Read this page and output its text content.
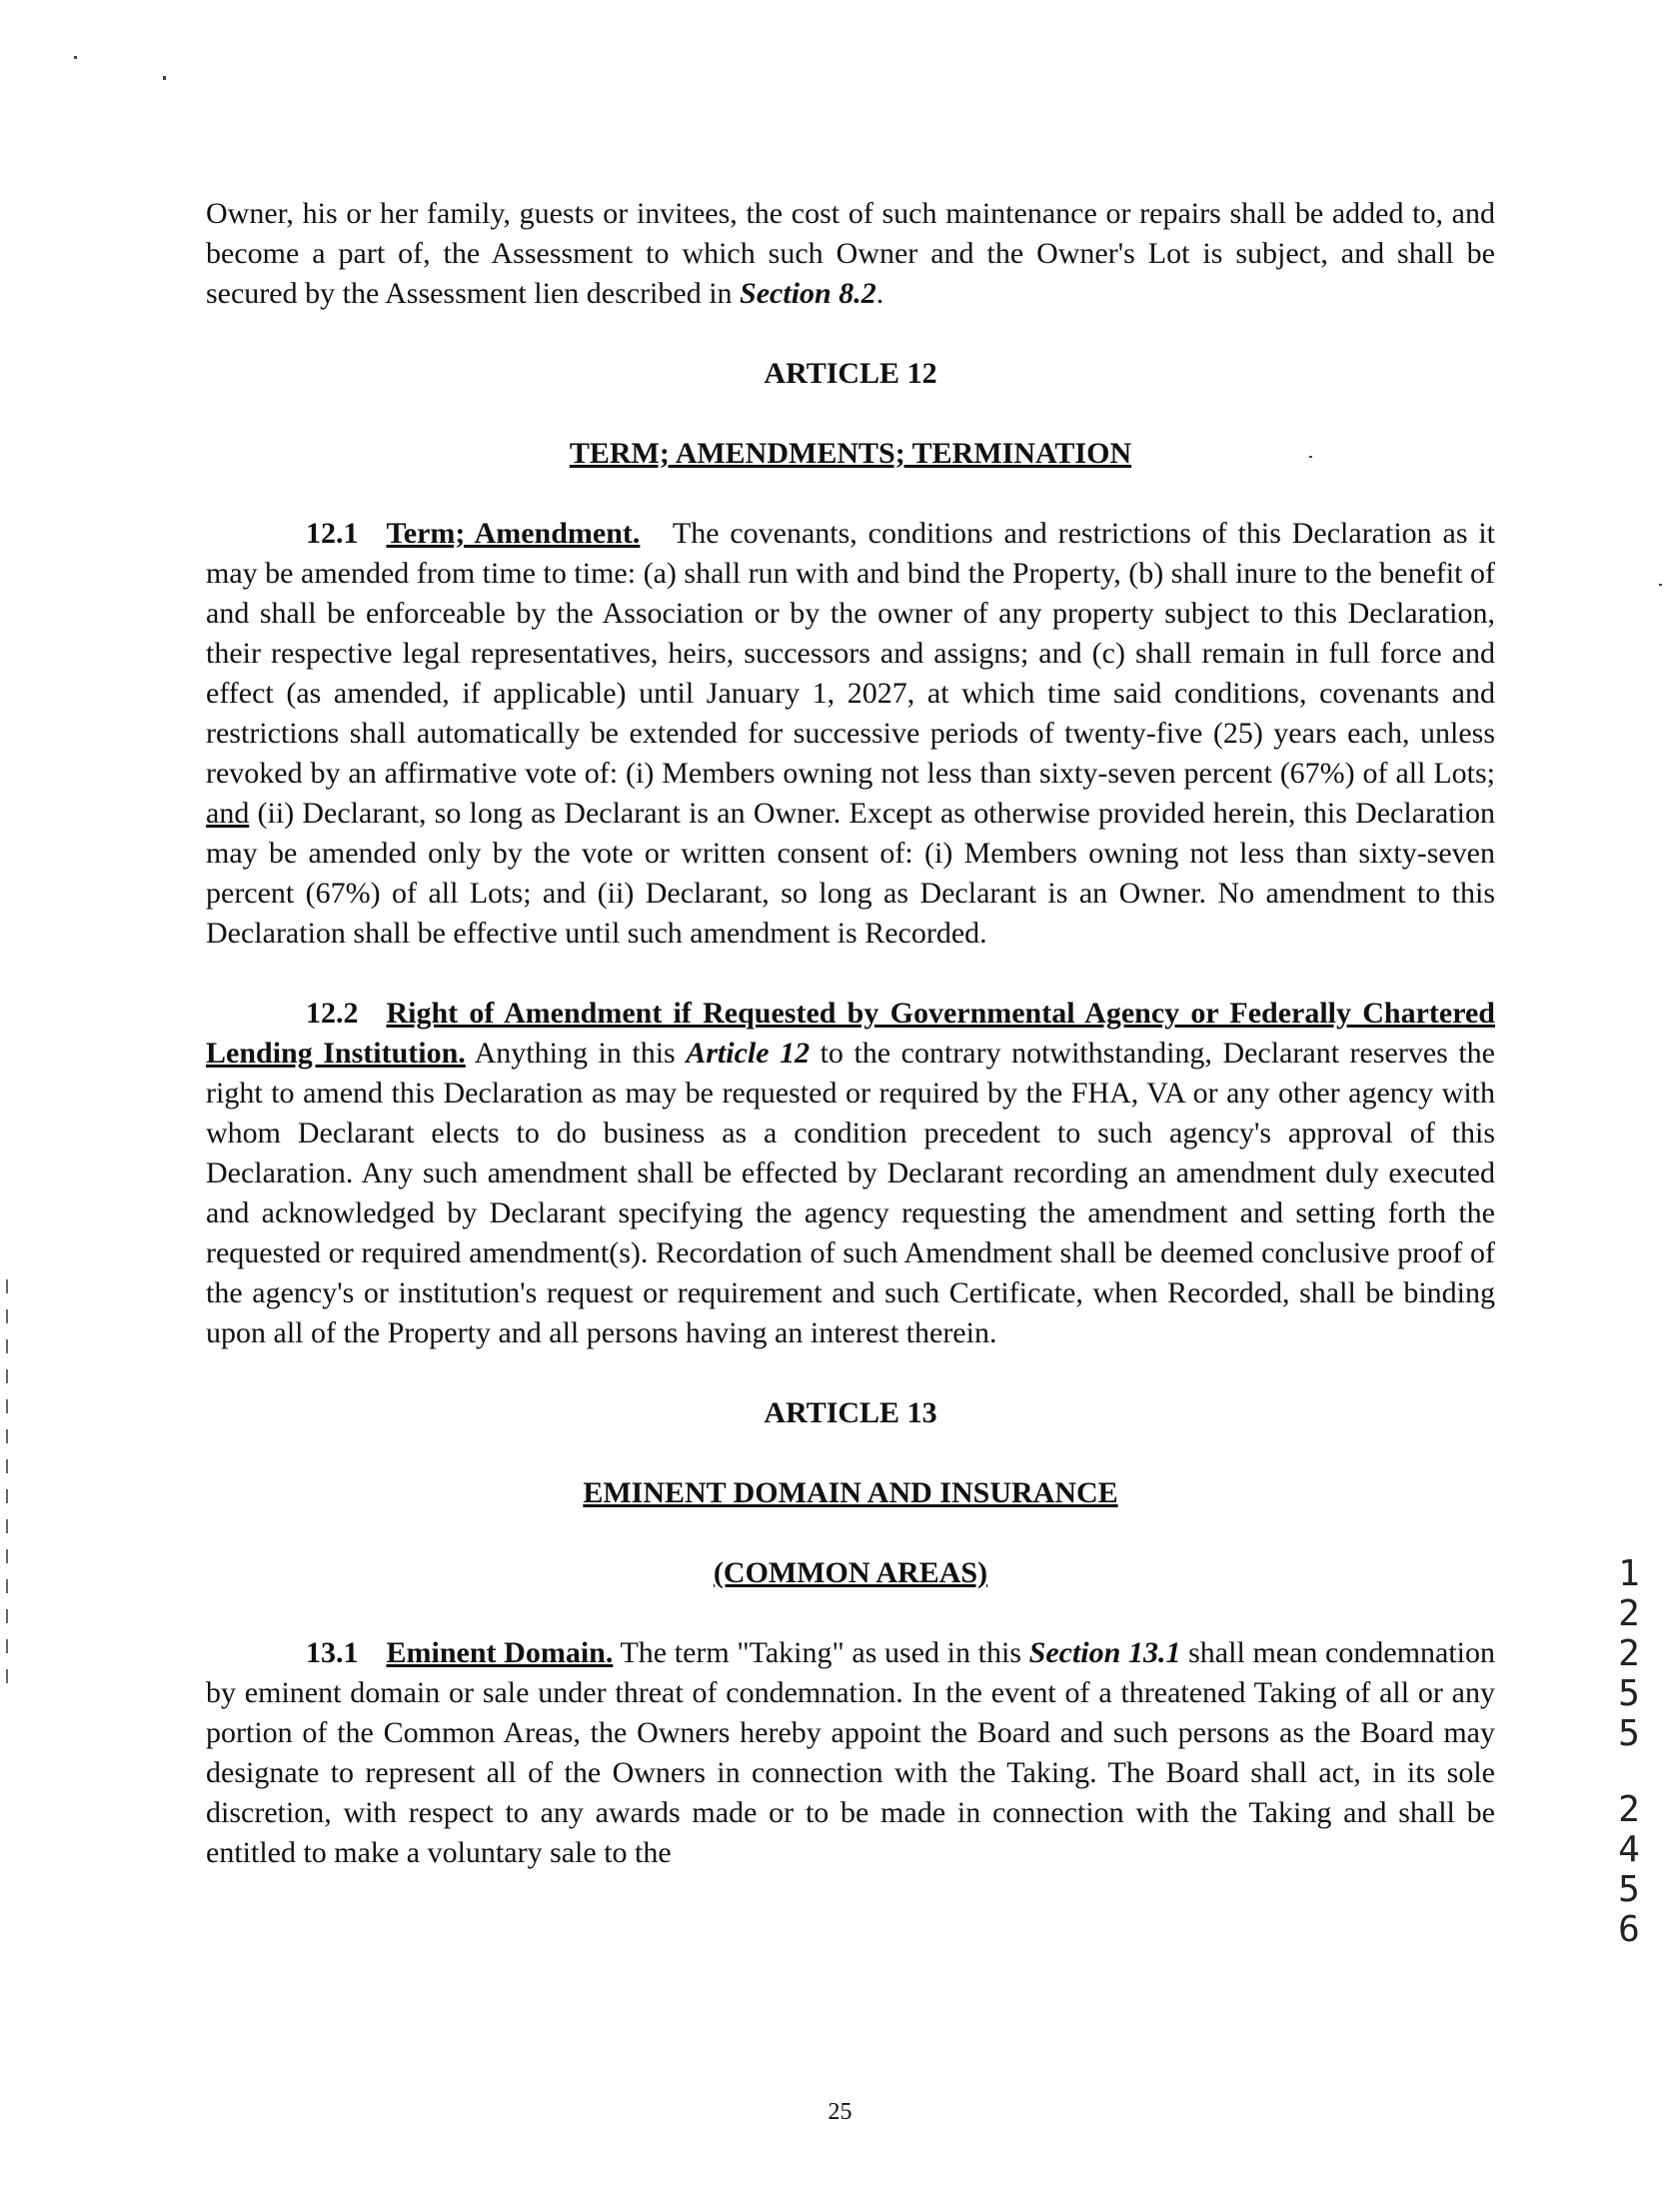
Owner, his or her family, guests or invitees, the cost of such maintenance or repairs shall be added to, and become a part of, the Assessment to which such Owner and the Owner's Lot is subject, and shall be secured by the Assessment lien described in Section 8.2.

ARTICLE 12

TERM; AMENDMENTS; TERMINATION

12.1 Term; Amendment. The covenants, conditions and restrictions of this Declaration as it may be amended from time to time: (a) shall run with and bind the Property, (b) shall inure to the benefit of and shall be enforceable by the Association or by the owner of any property subject to this Declaration, their respective legal representatives, heirs, successors and assigns; and (c) shall remain in full force and effect (as amended, if applicable) until January 1, 2027, at which time said conditions, covenants and restrictions shall automatically be extended for successive periods of twenty-five (25) years each, unless revoked by an affirmative vote of: (i) Members owning not less than sixty-seven percent (67%) of all Lots; and (ii) Declarant, so long as Declarant is an Owner. Except as otherwise provided herein, this Declaration may be amended only by the vote or written consent of: (i) Members owning not less than sixty-seven percent (67%) of all Lots; and (ii) Declarant, so long as Declarant is an Owner. No amendment to this Declaration shall be effective until such amendment is Recorded.

12.2 Right of Amendment if Requested by Governmental Agency or Federally Chartered Lending Institution. Anything in this Article 12 to the contrary notwithstanding, Declarant reserves the right to amend this Declaration as may be requested or required by the FHA, VA or any other agency with whom Declarant elects to do business as a condition precedent to such agency's approval of this Declaration. Any such amendment shall be effected by Declarant recording an amendment duly executed and acknowledged by Declarant specifying the agency requesting the amendment and setting forth the requested or required amendment(s). Recordation of such Amendment shall be deemed conclusive proof of the agency's or institution's request or requirement and such Certificate, when Recorded, shall be binding upon all of the Property and all persons having an interest therein.

ARTICLE 13

EMINENT DOMAIN AND INSURANCE

(COMMON AREAS)

13.1 Eminent Domain. The term "Taking" as used in this Section 13.1 shall mean condemnation by eminent domain or sale under threat of condemnation. In the event of a threatened Taking of all or any portion of the Common Areas, the Owners hereby appoint the Board and such persons as the Board may designate to represent all of the Owners in connection with the Taking. The Board shall act, in its sole discretion, with respect to any awards made or to be made in connection with the Taking and shall be entitled to make a voluntary sale to the

1
2
2
5
5
2
4
5
6
25
